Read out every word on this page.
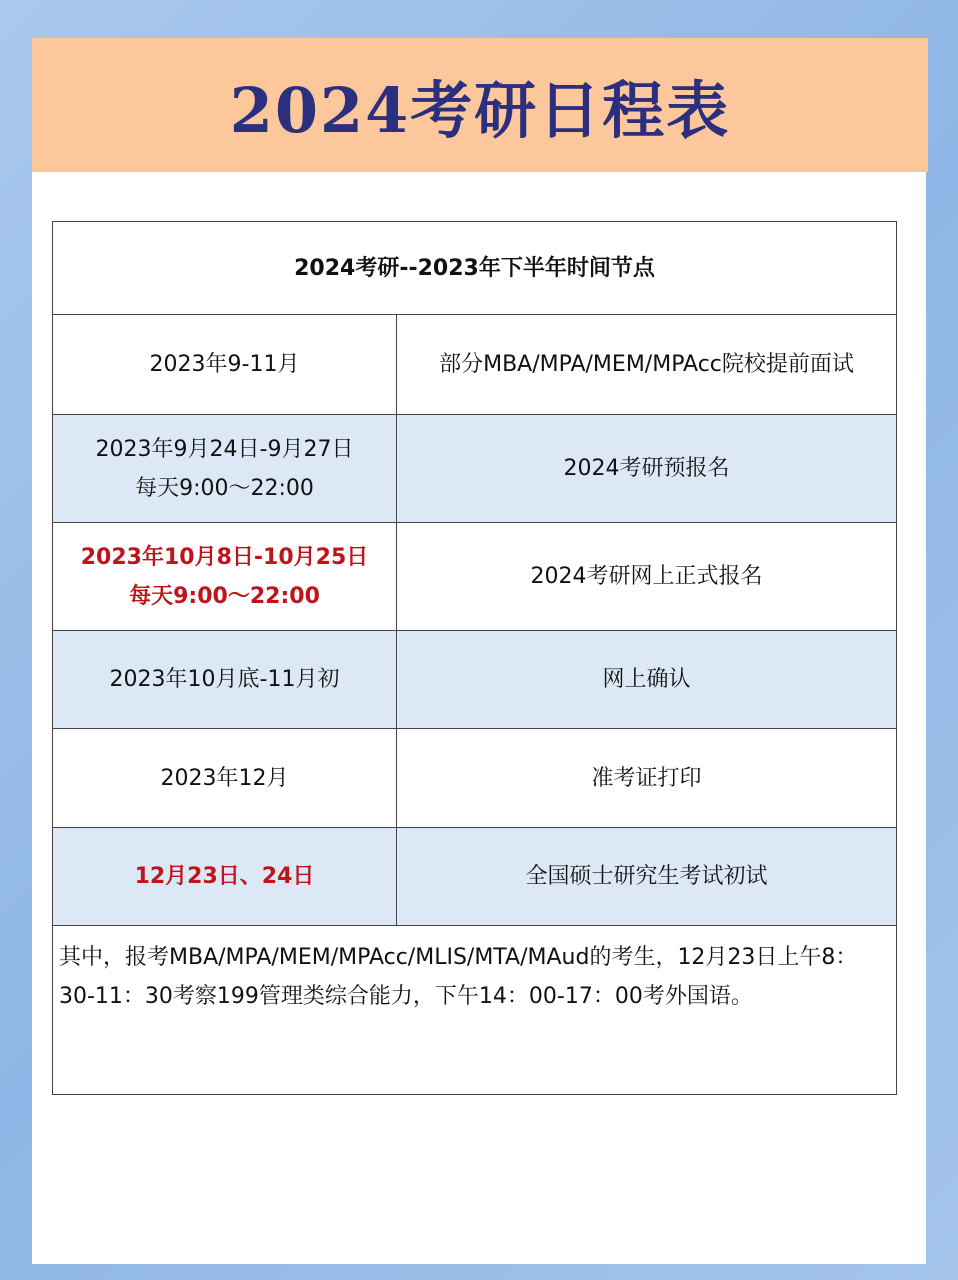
2024考研日程表
2024考研--2023年下半年时间节点	
2023年9-11月	部分MBA/MPA/MEM/MPAcc院校提前面试

2023年9月24日-9月27日
每天9:00～22:00	2024考研预报名

2023年10月8日-10月25日
每天9:00～22:00	2024考研网上正式报名
2023年10月底-11月初	网上确认
2023年12月	准考证打印
12月23日、24日	全国硕士研究生考试初试
其中，报考MBA/MPA/MEM/MPAcc/MLIS/MTA/MAud的考生，12月23日上午8：30-11：30考察199管理类综合能力，下午14：00-17：00考外国语。	
